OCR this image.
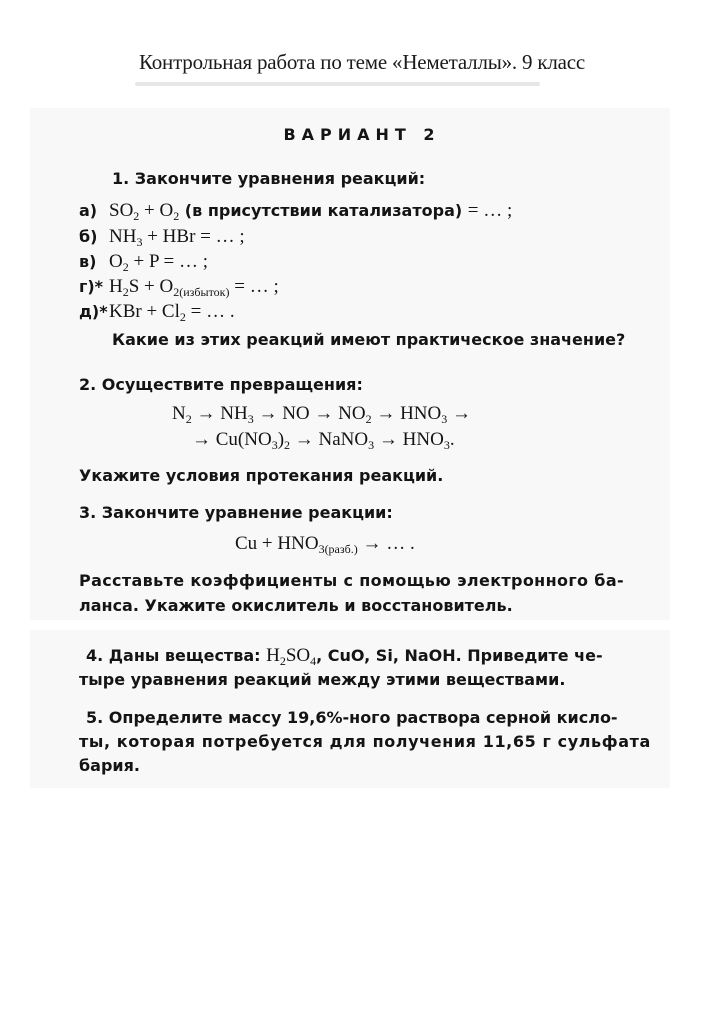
Контрольная работа по теме «Неметаллы». 9 класс
ВАРИАНТ 2
1. Закончите уравнения реакций:
а) $SO_2 + O_2$ (в присутствии катализатора) = … ;
б) $NH_3$ + HBr = … ;
в) $O_2 + P$ = … ;
г)* $H_2S + O_{2(избыток)}$ = … ;
$д)*KBr + Cl_2$ = … .
Какие из этих реакций имеют практическое значение?
2. Осуществите превращения:
$N_2 \to NH_3$ → NO → $NO_2 \to HNO_3$ →
→ $Cu(NO_3)_2$ → NaNO$_3$ → $HNO_3$.
Укажите условия протекания реакций.
3. Закончите уравнение реакции:
$Cu + HNO_{3(разб.)}$ → … .
Расставьте коэффициенты с помощью электронного ба-
ланса. Укажите окислитель и восстановитель.
4. Даны вещества: $H_2SO_4$, CuO, Si, NaOH. Приведите че-
тыре уравнения реакций между этими веществами.
5. Определите массу 19,6%-ного раствора серной кисло-
ты, которая потребуется для получения 11,65 г сульфата
бария.
